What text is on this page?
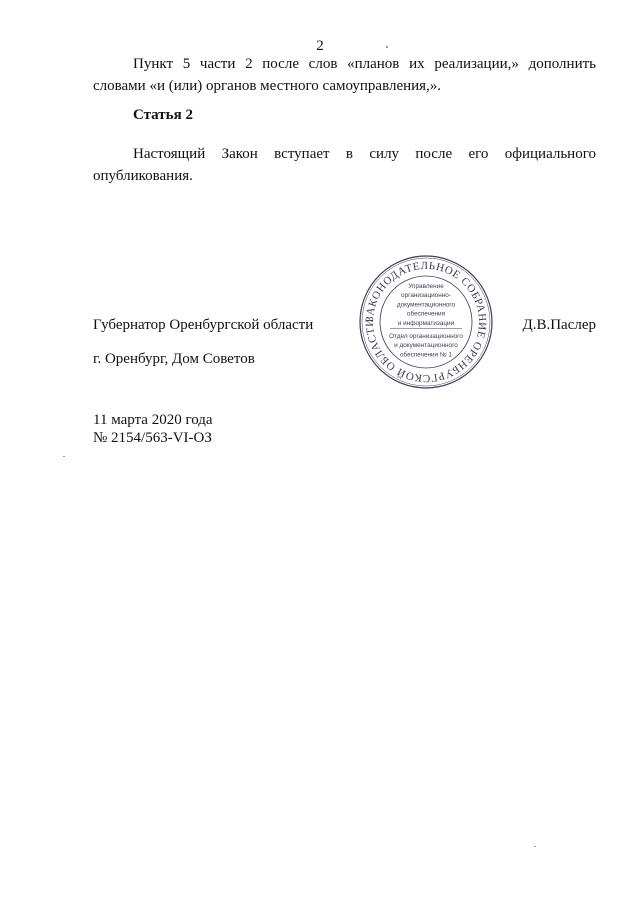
2

Пункт 5 части 2 после слов «планов их реализации,» дополнить словами «и (или) органов местного самоуправления,».

Статья 2

Настоящий Закон вступает в силу после его официального опубликования.

Губернатор Оренбургской области	Д.В.Паслер
ЗАКОНОДАТЕЛЬНОЕ СОБРАНИЕ ОРЕНБУРГСКОЙ ОБЛАСТИ
Управление
организационно-
документационного
обеспечения
и информатизации
Отдел организационного
и документационного
обеспечения № 1
г. Оренбург, Дом Советов
11 марта 2020 года
№ 2154/563-VI-ОЗ
